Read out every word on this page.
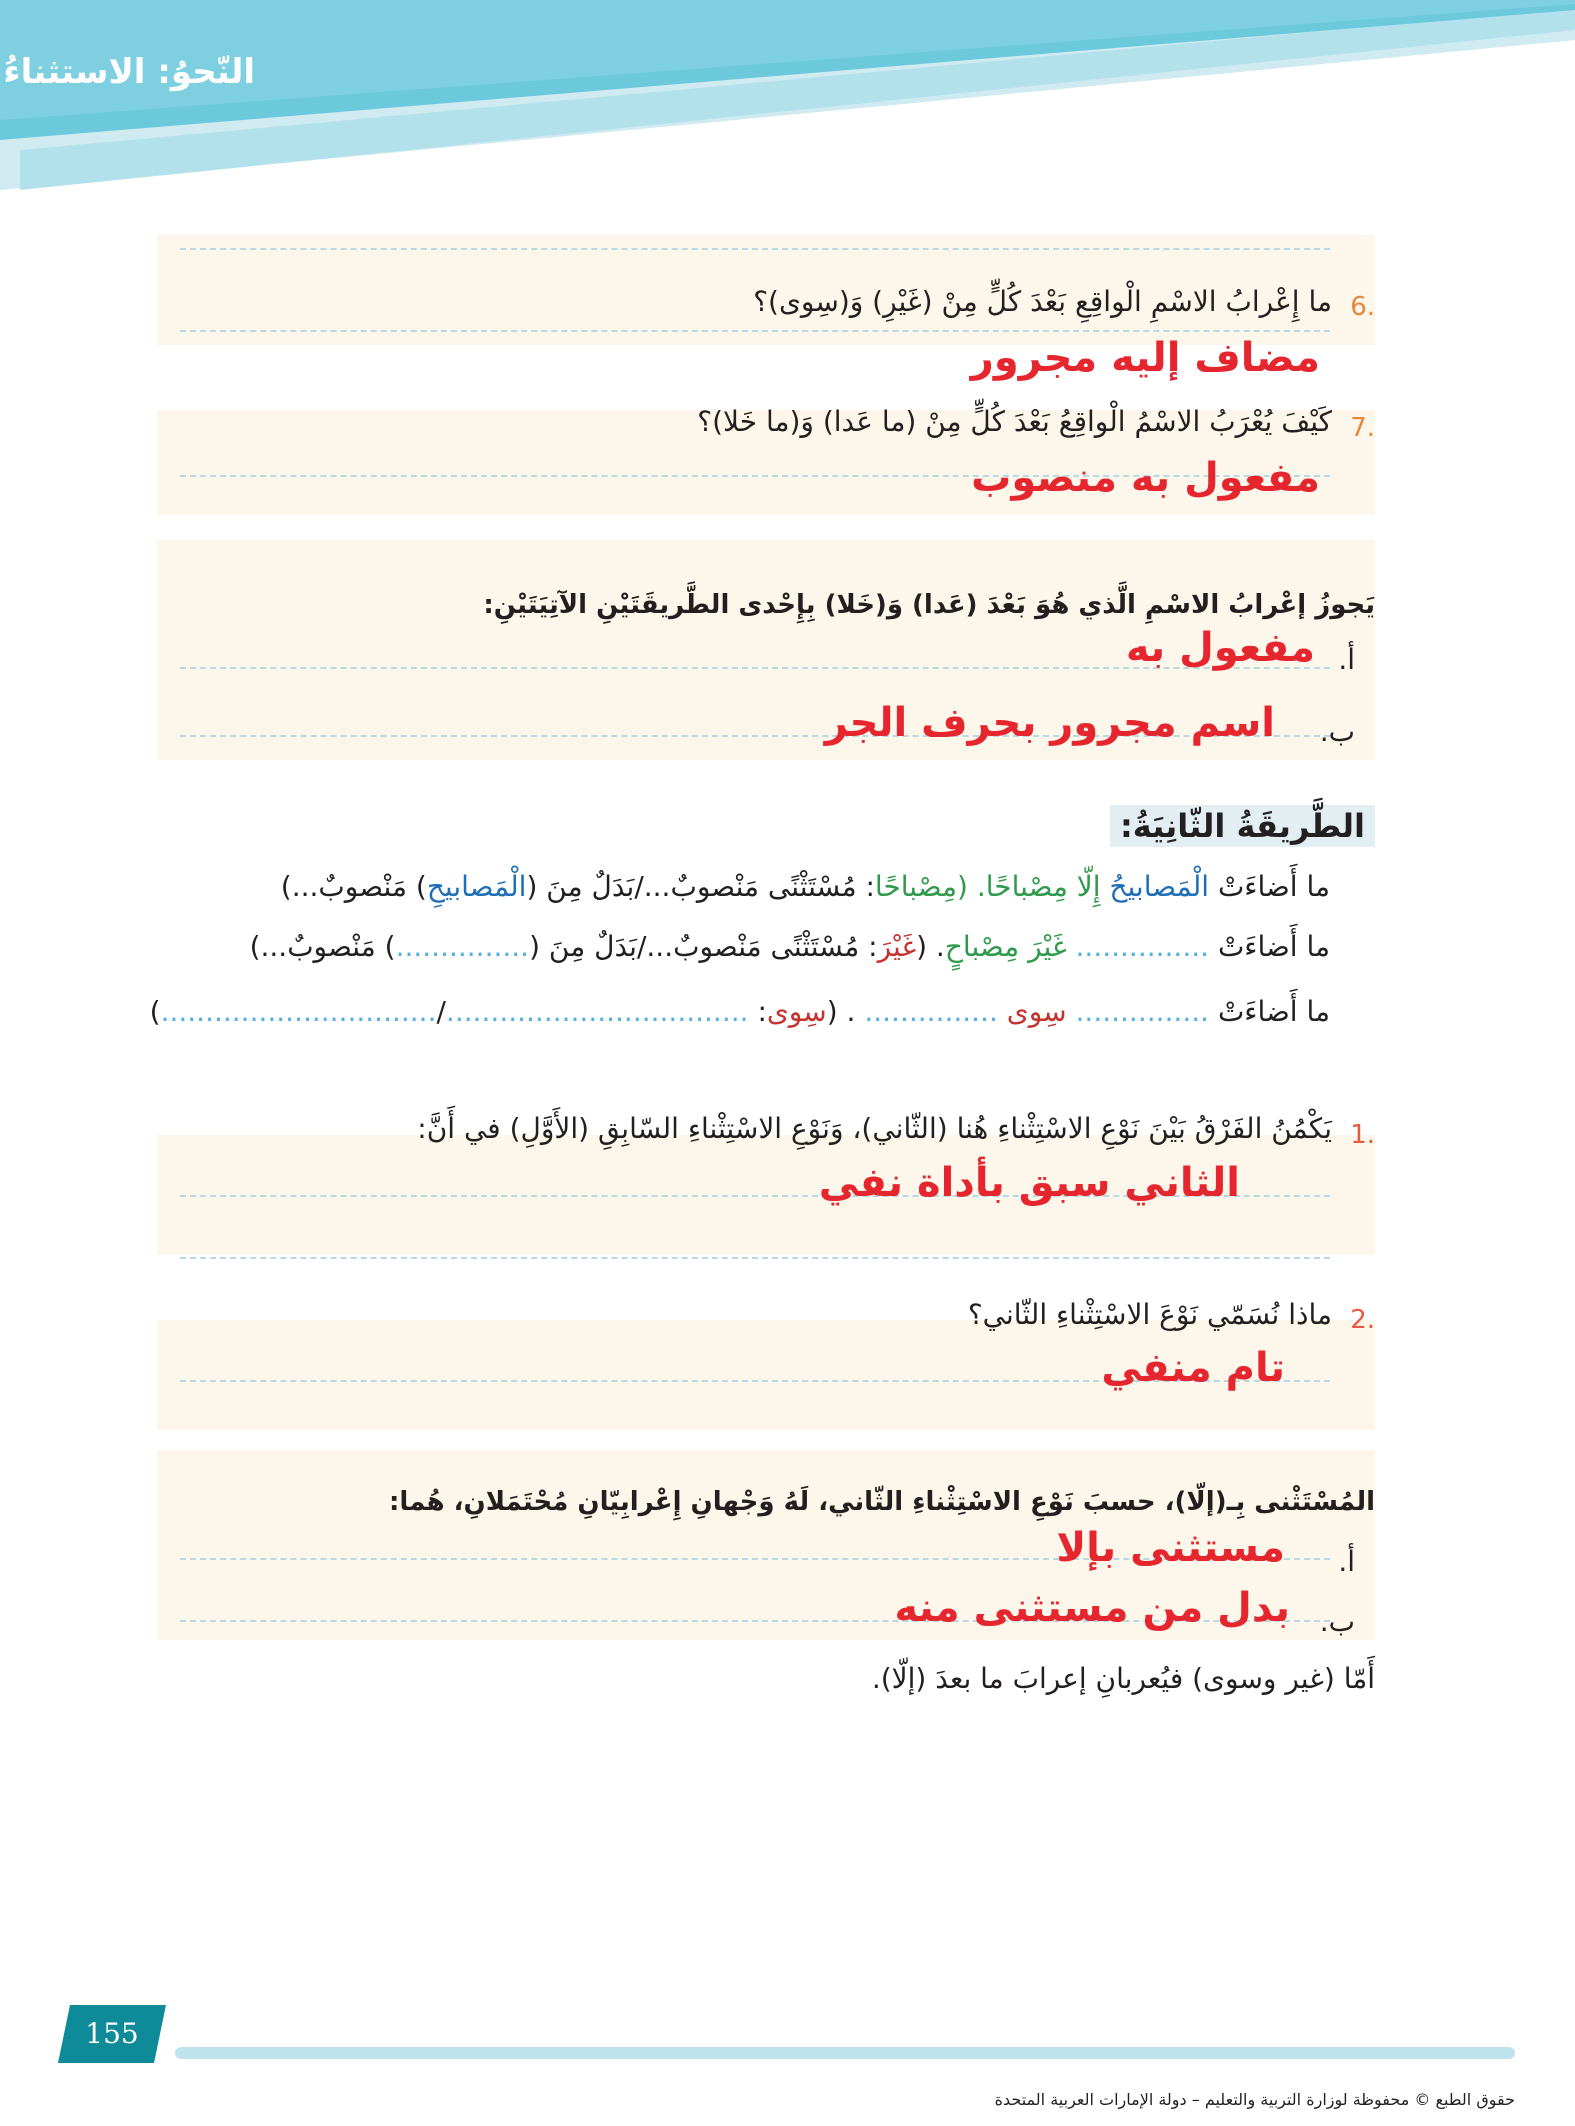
النّحوُ: الاستثناءُ
6.
ما إِعْرابُ الاسْمِ الْواقِعِ بَعْدَ كُلٍّ مِنْ (غَيْرِ) وَ(سِوى)؟
مضاف إليه مجرور
7.
كَيْفَ يُعْرَبُ الاسْمُ الْواقِعُ بَعْدَ كُلٍّ مِنْ (ما عَدا) وَ(ما خَلا)؟
مفعول به منصوب
يَجوزُ إعْرابُ الاسْمِ الَّذي هُوَ بَعْدَ (عَدا) وَ(خَلا) بِإِحْدى الطَّريقَتَيْنِ الآتِيَتَيْنِ:
أ.
مفعول به
ب.
اسم مجرور بحرف الجر
الطَّريقَةُ الثّانِيَةُ:
ما أَضاءَتْ الْمَصابيحُ إِلّا مِصْباحًا. (مِصْباحًا: مُسْتَثْنًى مَنْصوبٌ.../بَدَلٌ مِنَ (الْمَصابيحِ) مَنْصوبٌ...)
ما أَضاءَتْ ............... غَيْرَ مِصْباحٍ. (غَيْرَ: مُسْتَثْنًى مَنْصوبٌ.../بَدَلٌ مِنَ (...............) مَنْصوبٌ...)
ما أَضاءَتْ ............... سِوى ............... . (سِوى: ................................../...............................)
1.
يَكْمُنُ الفَرْقُ بَيْنَ نَوْعِ الاسْتِثْناءِ هُنا (الثّاني)، وَنَوْعِ الاسْتِثْناءِ السّابِقِ (الأَوَّلِ) في أَنَّ:
الثاني سبق بأداة نفي
2.
ماذا نُسَمّي نَوْعَ الاسْتِثْناءِ الثّاني؟
تام منفي
المُسْتَثْنى بِـ(إلّا)، حسبَ نَوْعِ الاسْتِثْناءِ الثّاني، لَهُ وَجْهانِ إِعْرابِيّانِ مُحْتَمَلانِ، هُما:
أ.
مستثنى بإلا
ب.
بدل من مستثنى منه
أَمّا (غير وسوى) فيُعربانِ إعرابَ ما بعدَ (إلّا).
155
حقوق الطبع © محفوظة لوزارة التربية والتعليم – دولة الإمارات العربية المتحدة
